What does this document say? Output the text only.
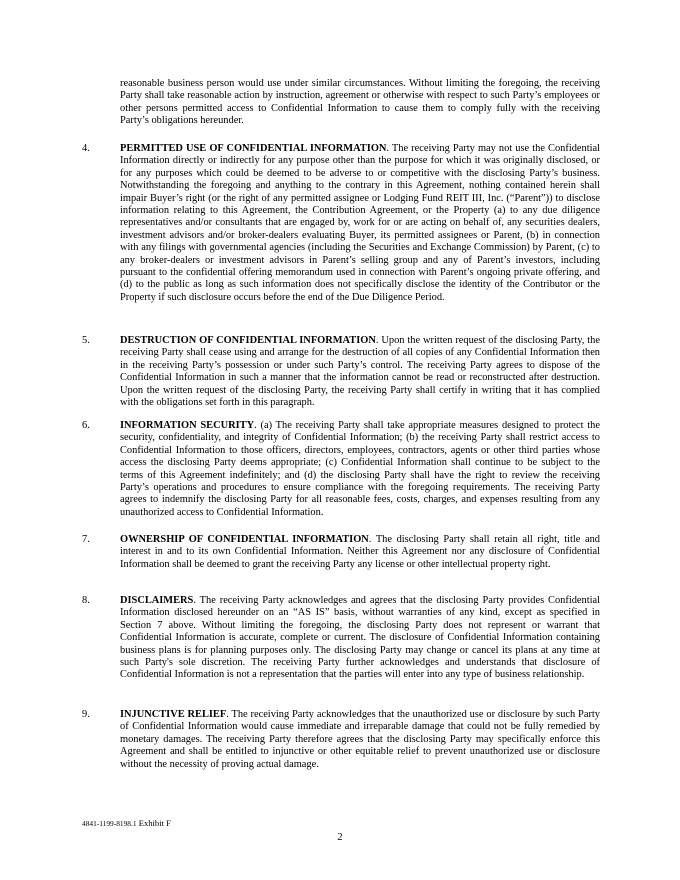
reasonable business person would use under similar circumstances. Without limiting the foregoing, the receiving Party shall take reasonable action by instruction, agreement or otherwise with respect to such Party’s employees or other persons permitted access to Confidential Information to cause them to comply fully with the receiving Party’s obligations hereunder.

4.	PERMITTED USE OF CONFIDENTIAL INFORMATION. The receiving Party may not use the Confidential Information directly or indirectly for any purpose other than the purpose for which it was originally disclosed, or for any purposes which could be deemed to be adverse to or competitive with the disclosing Party’s business. Notwithstanding the foregoing and anything to the contrary in this Agreement, nothing contained herein shall impair Buyer’s right (or the right of any permitted assignee or Lodging Fund REIT III, Inc. (“Parent”)) to disclose information relating to this Agreement, the Contribution Agreement, or the Property (a) to any due diligence representatives and/or consultants that are engaged by, work for or are acting on behalf of, any securities dealers, investment advisors and/or broker-dealers evaluating Buyer, its permitted assignees or Parent, (b) in connection with any filings with governmental agencies (including the Securities and Exchange Commission) by Parent, (c) to any broker-dealers or investment advisors in Parent’s selling group and any of Parent’s investors, including pursuant to the confidential offering memorandum used in connection with Parent’s ongoing private offering, and (d) to the public as long as such information does not specifically disclose the identity of the Contributor or the Property if such disclosure occurs before the end of the Due Diligence Period.
5.	DESTRUCTION OF CONFIDENTIAL INFORMATION. Upon the written request of the disclosing Party, the receiving Party shall cease using and arrange for the destruction of all copies of any Confidential Information then in the receiving Party’s possession or under such Party’s control. The receiving Party agrees to dispose of the Confidential Information in such a manner that the information cannot be read or reconstructed after destruction. Upon the written request of the disclosing Party, the receiving Party shall certify in writing that it has complied with the obligations set forth in this paragraph.
6.	INFORMATION SECURITY. (a) The receiving Party shall take appropriate measures designed to protect the security, confidentiality, and integrity of Confidential Information; (b) the receiving Party shall restrict access to Confidential Information to those officers, directors, employees, contractors, agents or other third parties whose access the disclosing Party deems appropriate; (c) Confidential Information shall continue to be subject to the terms of this Agreement indefinitely; and (d) the disclosing Party shall have the right to review the receiving Party’s operations and procedures to ensure compliance with the foregoing requirements. The receiving Party agrees to indemnify the disclosing Party for all reasonable fees, costs, charges, and expenses resulting from any unauthorized access to Confidential Information.
7.	OWNERSHIP OF CONFIDENTIAL INFORMATION. The disclosing Party shall retain all right, title and interest in and to its own Confidential Information. Neither this Agreement nor any disclosure of Confidential Information shall be deemed to grant the receiving Party any license or other intellectual property right.
8.	DISCLAIMERS. The receiving Party acknowledges and agrees that the disclosing Party provides Confidential Information disclosed hereunder on an “AS IS” basis, without warranties of any kind, except as specified in Section 7 above. Without limiting the foregoing, the disclosing Party does not represent or warrant that Confidential Information is accurate, complete or current. The disclosure of Confidential Information containing business plans is for planning purposes only. The disclosing Party may change or cancel its plans at any time at such Party's sole discretion. The receiving Party further acknowledges and understands that disclosure of Confidential Information is not a representation that the parties will enter into any type of business relationship.
9.	INJUNCTIVE RELIEF. The receiving Party acknowledges that the unauthorized use or disclosure by such Party of Confidential Information would cause immediate and irreparable damage that could not be fully remedied by monetary damages. The receiving Party therefore agrees that the disclosing Party may specifically enforce this Agreement and shall be entitled to injunctive or other equitable relief to prevent unauthorized use or disclosure without the necessity of proving actual damage.
4841-1199-8198.1 Exhibit F
2
